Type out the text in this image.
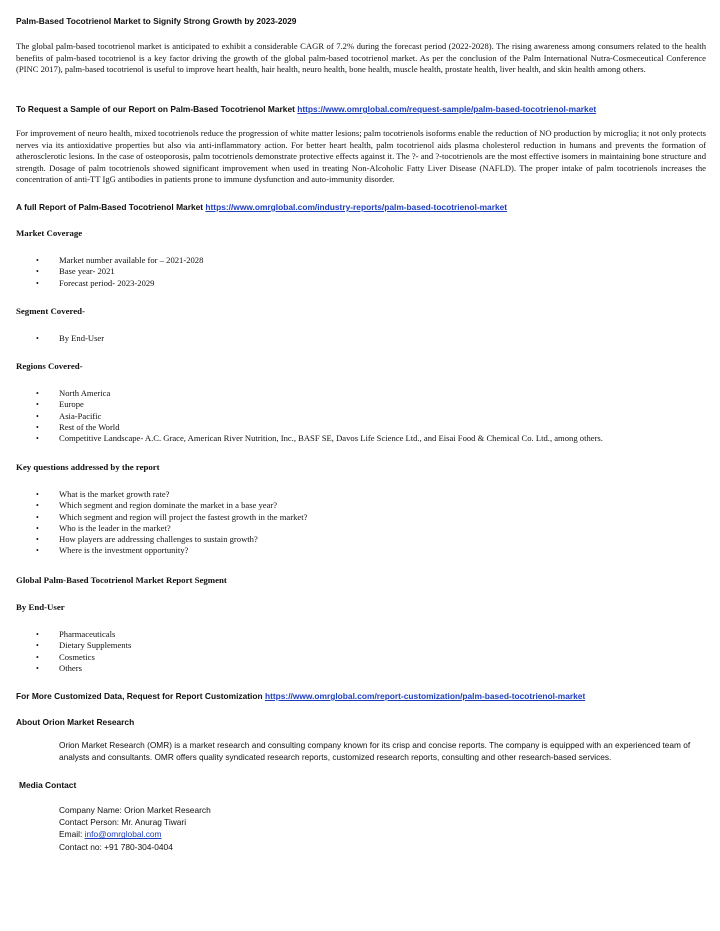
Palm-Based Tocotrienol Market to Signify Strong Growth by 2023-2029
The global palm-based tocotrienol market is anticipated to exhibit a considerable CAGR of 7.2% during the forecast period (2022-2028). The rising awareness among consumers related to the health benefits of palm-based tocotrienol is a key factor driving the growth of the global palm-based tocotrienol market. As per the conclusion of the Palm International Nutra-Cosmeceutical Conference (PINC 2017), palm-based tocotrienol is useful to improve heart health, hair health, neuro health, bone health, muscle health, prostate health, liver health, and skin health among others.
To Request a Sample of our Report on Palm-Based Tocotrienol Market https://www.omrglobal.com/request-sample/palm-based-tocotrienol-market
For improvement of neuro health, mixed tocotrienols reduce the progression of white matter lesions; palm tocotrienols isoforms enable the reduction of NO production by microglia; it not only protects nerves via its antioxidative properties but also via anti-inflammatory action. For better heart health, palm tocotrienol aids plasma cholesterol reduction in humans and prevents the formation of atherosclerotic lesions. In the case of osteoporosis, palm tocotrienols demonstrate protective effects against it. The ?- and ?-tocotrienols are the most effective isomers in maintaining bone structure and strength. Dosage of palm tocotrienols showed significant improvement when used in treating Non-Alcoholic Fatty Liver Disease (NAFLD). The proper intake of palm tocotrienols increases the concentration of anti-TT IgG antibodies in patients prone to immune dysfunction and auto-immunity disorder.
A full Report of Palm-Based Tocotrienol Market https://www.omrglobal.com/industry-reports/palm-based-tocotrienol-market
Market Coverage
• Market number available for – 2021-2028
• Base year- 2021
• Forecast period- 2023-2029
Segment Covered-
• By End-User
Regions Covered-
• North America
• Europe
• Asia-Pacific
• Rest of the World
• Competitive Landscape- A.C. Grace, American River Nutrition, Inc., BASF SE, Davos Life Science Ltd., and Eisai Food & Chemical Co. Ltd., among others.
Key questions addressed by the report
• What is the market growth rate?
• Which segment and region dominate the market in a base year?
• Which segment and region will project the fastest growth in the market?
• Who is the leader in the market?
• How players are addressing challenges to sustain growth?
• Where is the investment opportunity?
Global Palm-Based Tocotrienol Market Report Segment
By End-User
• Pharmaceuticals
• Dietary Supplements
• Cosmetics
• Others
For More Customized Data, Request for Report Customization https://www.omrglobal.com/report-customization/palm-based-tocotrienol-market
About Orion Market Research
Orion Market Research (OMR) is a market research and consulting company known for its crisp and concise reports. The company is equipped with an experienced team of analysts and consultants. OMR offers quality syndicated research reports, customized research reports, consulting and other research-based services.
Media Contact
Company Name: Orion Market Research
Contact Person: Mr. Anurag Tiwari
Email: info@omrglobal.com
Contact no: +91 780-304-0404
